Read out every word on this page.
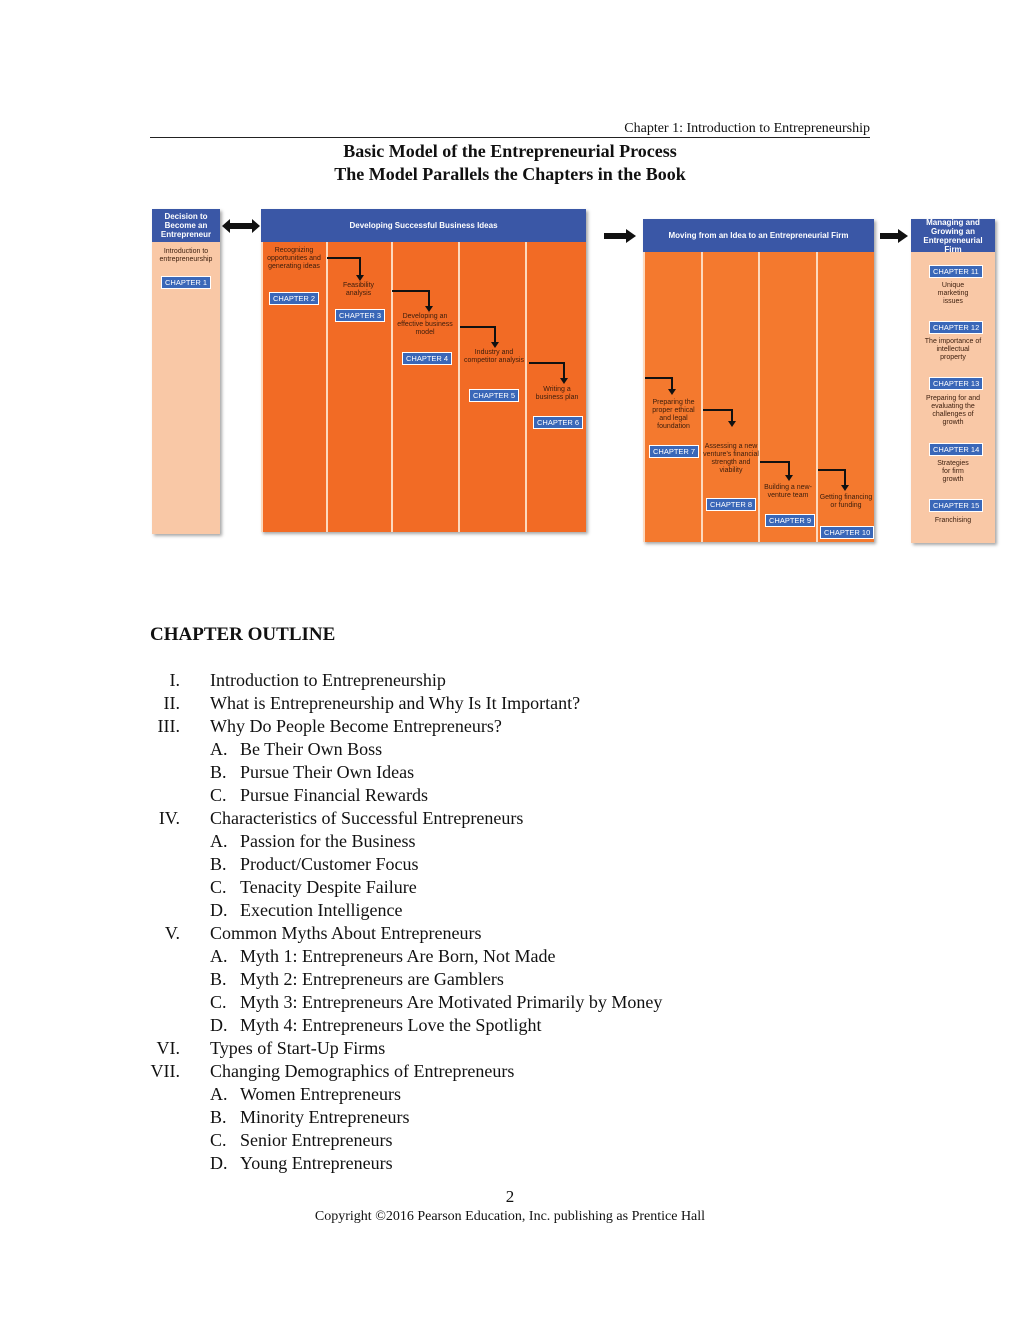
Chapter 1: Introduction to Entrepreneurship
Basic Model of the Entrepreneurial Process
The Model Parallels the Chapters in the Book
Decision to Become an Entrepreneur
Introduction to entrepreneurship
CHAPTER 1
Developing Successful Business Ideas
Recognizing opportunities and generating ideas
CHAPTER 2
Feasibility analysis
CHAPTER 3	Developing an effective business model
CHAPTER 4
Industry and competitor analysis
CHAPTER 5
Writing a business plan
CHAPTER 6
Moving from an Idea to an Entrepreneurial Firm
Preparing the proper ethical and legal foundation
CHAPTER 7
Assessing a new venture's financial strength and viability
CHAPTER 8
Building a new-venture team
CHAPTER 9
Getting financing or funding
CHAPTER 10
Managing and Growing an Entrepreneurial Firm
CHAPTER 11
Unique marketing issues
CHAPTER 12
The importance of intellectual property
CHAPTER 13
Preparing for and evaluating the challenges of growth
CHAPTER 14
Strategies for firm growth
CHAPTER 15
Franchising
CHAPTER OUTLINE
I. Introduction to Entrepreneurship
II. What is Entrepreneurship and Why Is It Important?
III. Why Do People Become Entrepreneurs?
A. Be Their Own Boss
B. Pursue Their Own Ideas
C. Pursue Financial Rewards
IV. Characteristics of Successful Entrepreneurs
A. Passion for the Business
B. Product/Customer Focus
C. Tenacity Despite Failure
D. Execution Intelligence
V. Common Myths About Entrepreneurs
A. Myth 1: Entrepreneurs Are Born, Not Made
B. Myth 2: Entrepreneurs are Gamblers
C. Myth 3: Entrepreneurs Are Motivated Primarily by Money
D. Myth 4: Entrepreneurs Love the Spotlight
VI. Types of Start-Up Firms
VII. Changing Demographics of Entrepreneurs
A. Women Entrepreneurs
B. Minority Entrepreneurs
C. Senior Entrepreneurs
D. Young Entrepreneurs
2
Copyright ©2016 Pearson Education, Inc. publishing as Prentice Hall
